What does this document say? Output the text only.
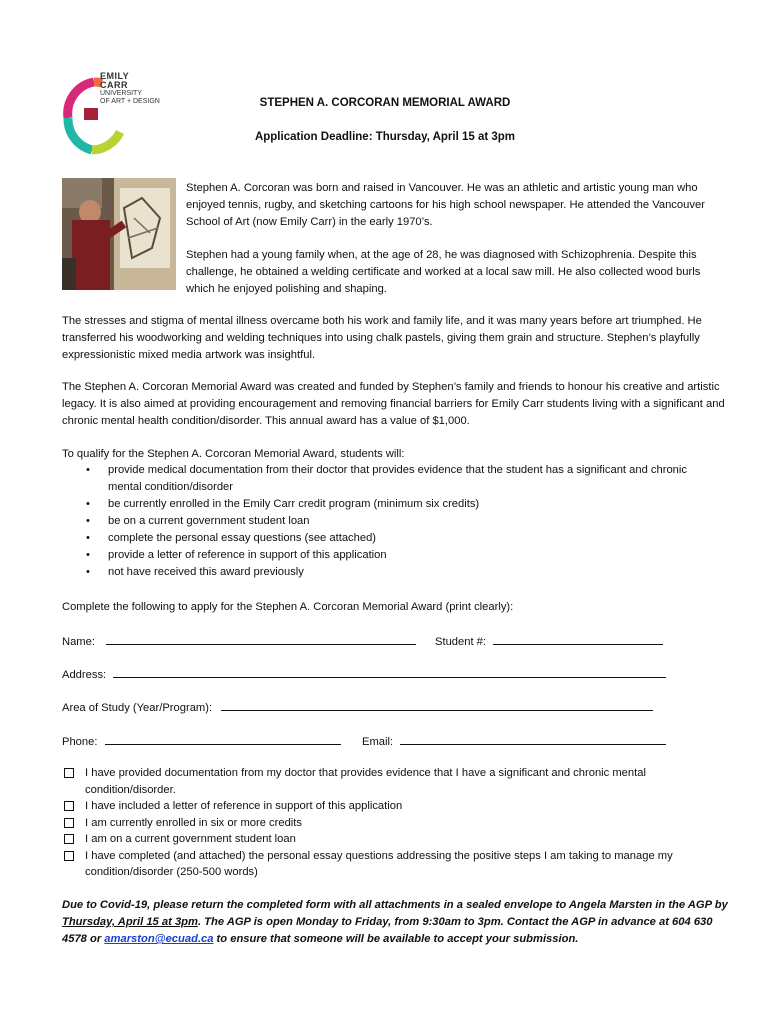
EMILY
CARR
UNIVERSITY
OF ART + DESIGN	STEPHEN A. CORCORAN MEMORIAL AWARD
Application Deadline: Thursday, April 15 at 3pm

Stephen A. Corcoran was born and raised in Vancouver. He was an athletic and artistic young man who enjoyed tennis, rugby, and sketching cartoons for his high school newspaper. He attended the Vancouver School of Art (now Emily Carr) in the early 1970’s.

Stephen had a young family when, at the age of 28, he was diagnosed with Schizophrenia. Despite this challenge, he obtained a welding certificate and worked at a local saw mill. He also collected wood burls which he enjoyed polishing and shaping.

The stresses and stigma of mental illness overcame both his work and family life, and it was many years before art triumphed. He transferred his woodworking and welding techniques into using chalk pastels, giving them grain and structure. Stephen’s playfully expressionistic mixed media artwork was insightful.

The Stephen A. Corcoran Memorial Award was created and funded by Stephen’s family and friends to honour his creative and artistic legacy. It is also aimed at providing encouragement and removing financial barriers for Emily Carr students living with a significant and chronic mental health condition/disorder. This annual award has a value of $1,000.

To qualify for the Stephen A. Corcoran Memorial Award, students will:

• provide medical documentation from their doctor that provides evidence that the student has a significant and chronic mental condition/disorder
• be currently enrolled in the Emily Carr credit program (minimum six credits)
• be on a current government student loan
• complete the personal essay questions (see attached)
• provide a letter of reference in support of this application
• not have received this award previously

Complete the following to apply for the Stephen A. Corcoran Memorial Award (print clearly):

Name:	Student #:
Address:
Area of Study (Year/Program):
Phone:	Email:
I have provided documentation from my doctor that provides evidence that I have a significant and chronic mental condition/disorder.
I have included a letter of reference in support of this application
I am currently enrolled in six or more credits
I am on a current government student loan
I have completed (and attached) the personal essay questions addressing the positive steps I am taking to manage my condition/disorder (250-500 words)

Due to Covid-19, please return the completed form with all attachments in a sealed envelope to Angela Marsten in the AGP by Thursday, April 15 at 3pm. The AGP is open Monday to Friday, from 9:30am to 3pm. Contact the AGP in advance at 604 630 4578 or amarston@ecuad.ca to ensure that someone will be available to accept your submission.
